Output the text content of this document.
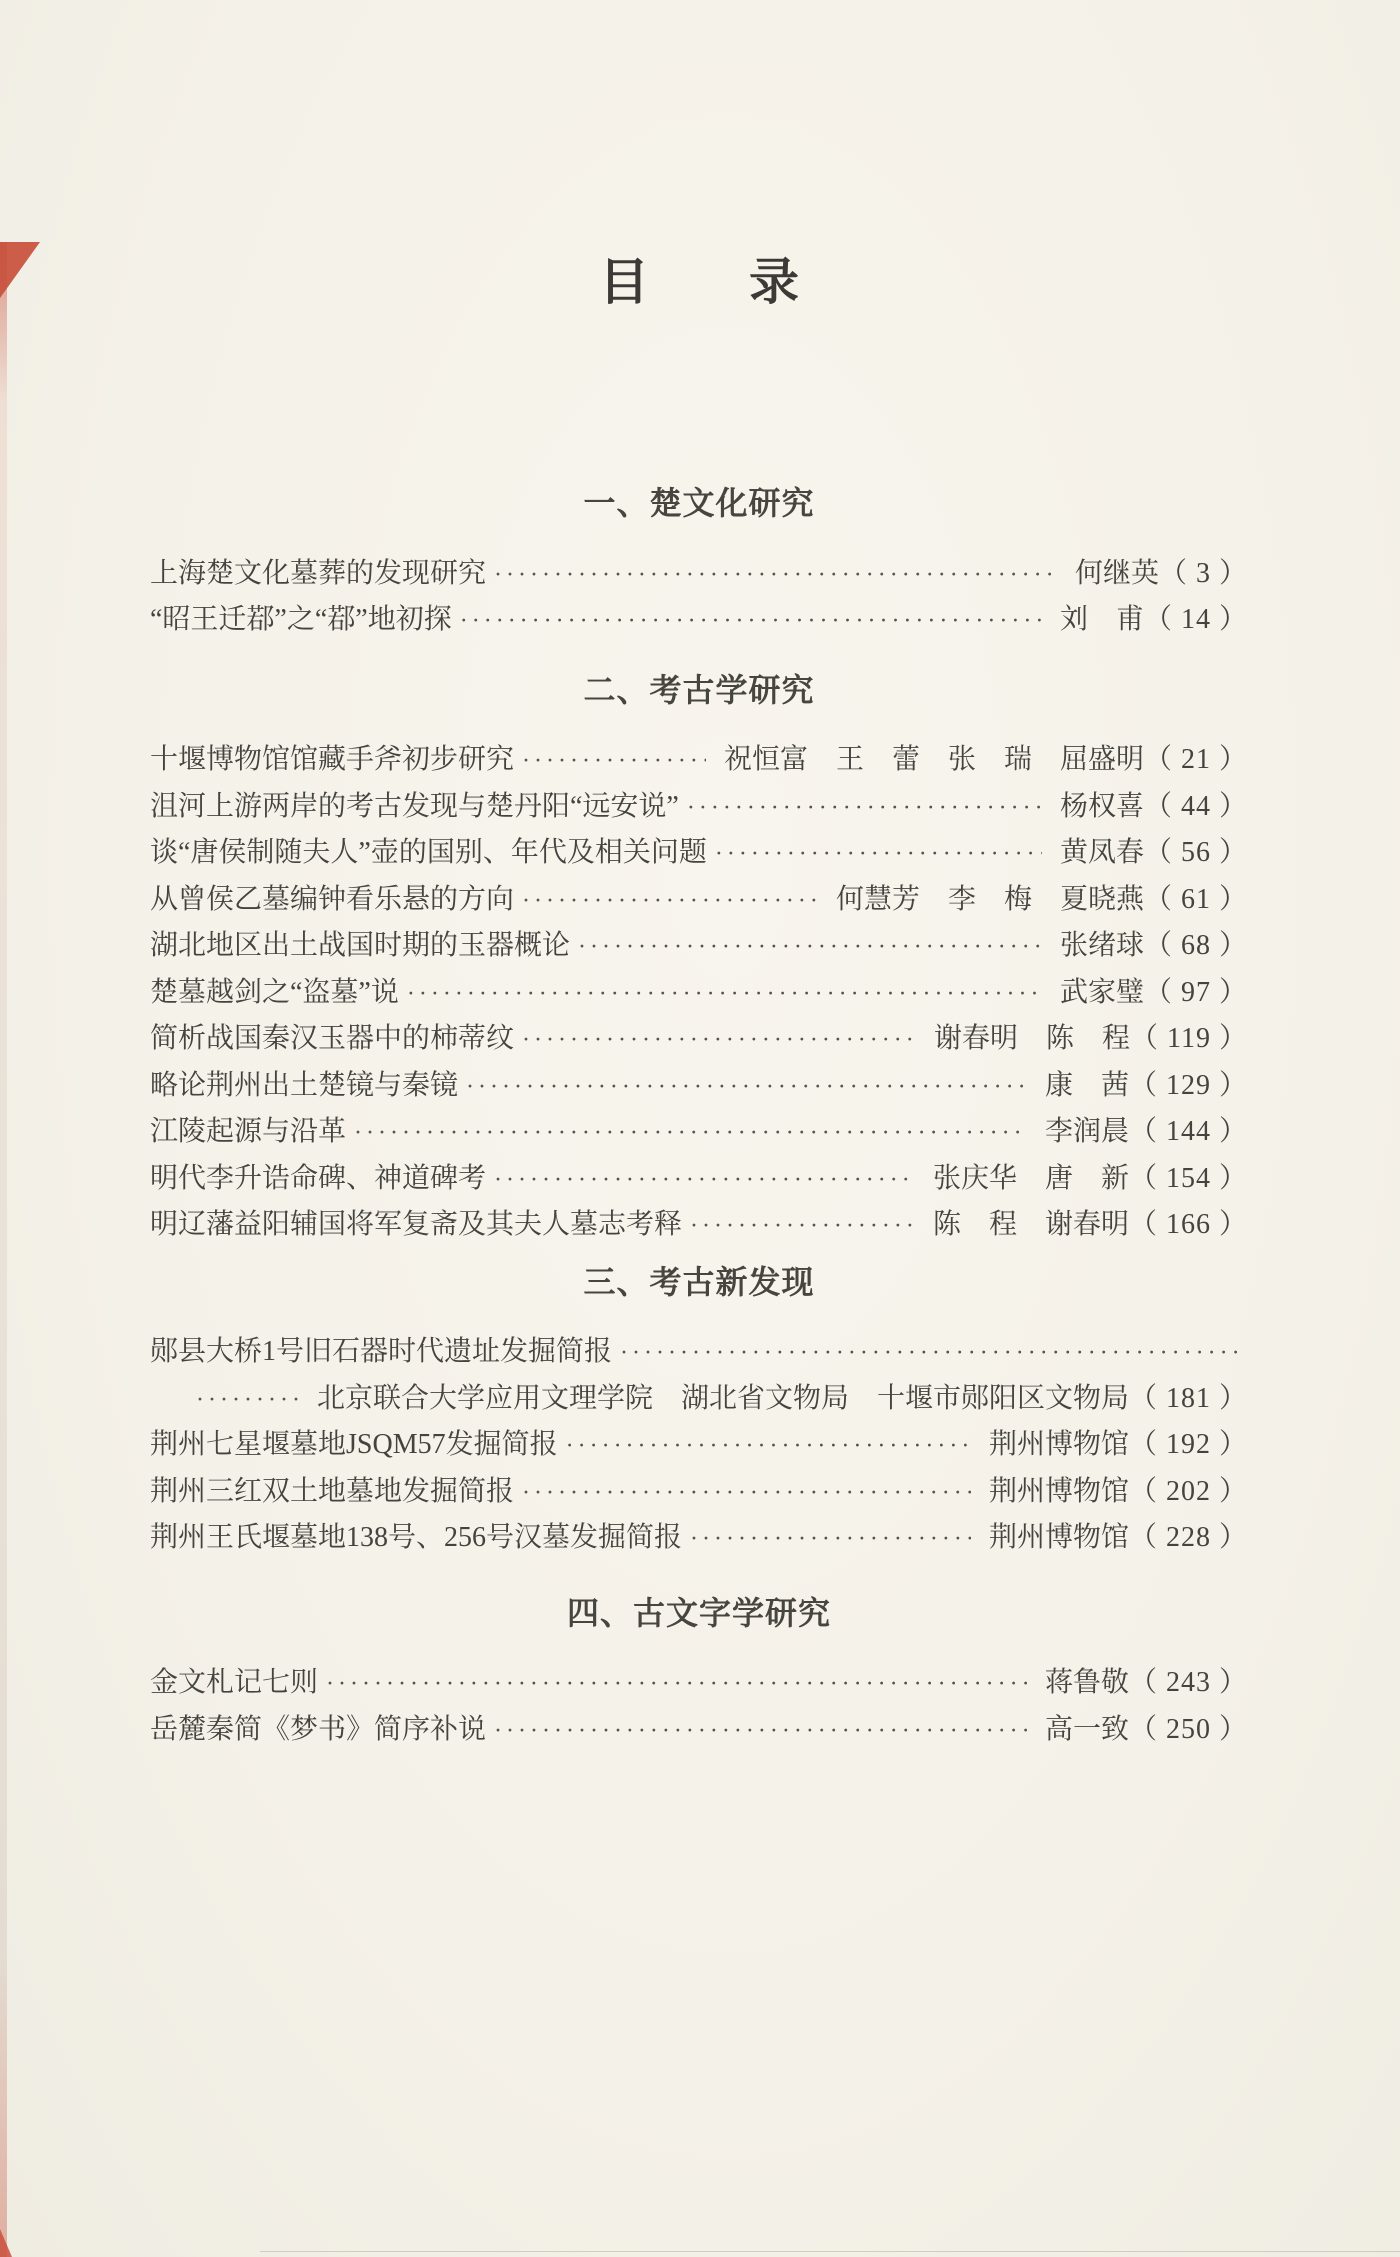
目　　录
一、楚文化研究
上海楚文化墓葬的发现研究 ·····	何继英 （ 3 ）
“昭王迁鄀”之“鄀”地初探 ·····	刘　甫 （ 14 ）
二、考古学研究
十堰博物馆馆藏手斧初步研究 ·····	祝恒富　王　蕾　张　瑞　屈盛明 （ 21 ）
沮河上游两岸的考古发现与楚丹阳“远安说” ·····	杨权喜 （ 44 ）
谈“唐侯制随夫人”壶的国别、年代及相关问题 ·····	黄凤春 （ 56 ）
从曾侯乙墓编钟看乐悬的方向 ·····	何慧芳　李　梅　夏晓燕 （ 61 ）
湖北地区出土战国时期的玉器概论 ·····	张绪球 （ 68 ）
楚墓越剑之“盗墓”说 ·····	武家璧 （ 97 ）
简析战国秦汉玉器中的柿蒂纹 ·····	谢春明　陈　程 （ 119 ）
略论荆州出土楚镜与秦镜 ·····	康　茜 （ 129 ）
江陵起源与沿革 ·····	李润晨 （ 144 ）
明代李升诰命碑、神道碑考 ·····	张庆华　唐　新 （ 154 ）
明辽藩益阳辅国将军复斋及其夫人墓志考释 ·····	陈　程　谢春明 （ 166 ）
三、考古新发现
郧县大桥1号旧石器时代遗址发掘简报
·····
·····
北京联合大学应用文理学院　湖北省文物局　十堰市郧阳区文物局 （ 181 ）
荆州七星堰墓地JSQM57发掘简报 ·····	荆州博物馆 （ 192 ）
荆州三红双土地墓地发掘简报 ·····	荆州博物馆 （ 202 ）
荆州王氏堰墓地138号、256号汉墓发掘简报 ·····	荆州博物馆 （ 228 ）
四、古文字学研究
金文札记七则 ·····	蒋鲁敬 （ 243 ）
岳麓秦简《梦书》简序补说 ·····	高一致 （ 250 ）
